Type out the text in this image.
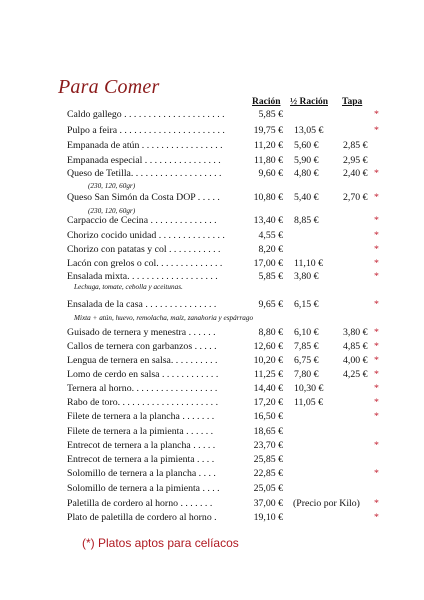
Para Comer
Ración ½ Ración Tapa
Caldo gallego . . . . . . . . . . . . . . . . . . . . .	5,85 €	*
Pulpo a feira . . . . . . . . . . . . . . . . . . . . . .	19,75 € 13,05 €	*
Empanada de atún . . . . . . . . . . . . . . . . .	11,20 € 5,60 €	2,85 €
Empanada especial . . . . . . . . . . . . . . . .	11,80 € 5,90 €	2,95 €
Queso de Tetilla. . . . . . . . . . . . . . . . . . .	9,60 € 4,80 €	2,40 € *
Queso San Simón da Costa DOP . . . . .	10,80 € 5,40 €	2,70 € *
Carpaccio de Cecina . . . . . . . . . . . . . .	13,40 € 8,85 €	*
Chorizo cocido unidad . . . . . . . . . . . . . .	4,55 €	*
Chorizo con patatas y col . . . . . . . . . . .	8,20 €	*
Lacón con grelos o col. . . . . . . . . . . . . .	17,00 € 11,10 €	*
Ensalada mixta. . . . . . . . . . . . . . . . . . .	5,85 € 3,80 €	*
Ensalada de la casa . . . . . . . . . . . . . . .	9,65 € 6,15 €	*
Guisado de ternera y menestra . . . . . .	8,80 € 6,10 €	3,80 € *
Callos de ternera con garbanzos . . . . .	12,60 € 7,85 €	4,85 € *
Lengua de ternera en salsa. . . . . . . . . .	10,20 € 6,75 €	4,00 € *
Lomo de cerdo en salsa . . . . . . . . . . . .	11,25 € 7,80 €	4,25 € *
Ternera al horno. . . . . . . . . . . . . . . . . .	14,40 € 10,30 €	*
Rabo de toro. . . . . . . . . . . . . . . . . . . . .	17,20 € 11,05 €	*
Filete de ternera a la plancha . . . . . . .	16,50 €	*
Filete de ternera a la pimienta . . . . . .	18,65 €
Entrecot de ternera a la plancha . . . . .	23,70 €	*
Entrecot de ternera a la pimienta . . . .	25,85 €
Solomillo de ternera a la plancha . . . .	22,85 €	*
Solomillo de ternera a la pimienta . . . .	25,05 €
Paletilla de cordero al horno . . . . . . .	37,00 € (Precio por Kilo) *
Plato de paletilla de cordero al horno .	19,10 €	*
(230, 120, 60gr)
(230, 120, 60gr)
Lechuga, tomate, cebolla y aceitunas.
Mixta + atún, huevo, remolacha, maíz, zanahoria y espárrago
(*) Platos aptos para celíacos
